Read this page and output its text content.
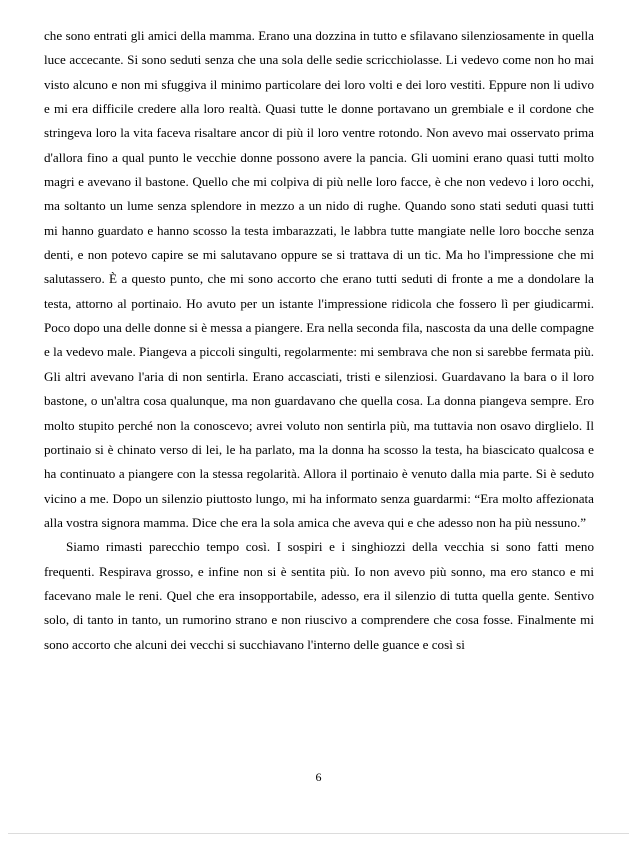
che sono entrati gli amici della mamma. Erano una dozzina in tutto e sfilavano silenziosamente in quella luce accecante. Si sono seduti senza che una sola delle sedie scricchiolasse. Li vedevo come non ho mai visto alcuno e non mi sfuggiva il minimo particolare dei loro volti e dei loro vestiti. Eppure non li udivo e mi era difficile credere alla loro realtà. Quasi tutte le donne portavano un grembiale e il cordone che stringeva loro la vita faceva risaltare ancor di più il loro ventre rotondo. Non avevo mai osservato prima d'allora fino a qual punto le vecchie donne possono avere la pancia. Gli uomini erano quasi tutti molto magri e avevano il bastone. Quello che mi colpiva di più nelle loro facce, è che non vedevo i loro occhi, ma soltanto un lume senza splendore in mezzo a un nido di rughe. Quando sono stati seduti quasi tutti mi hanno guardato e hanno scosso la testa imbarazzati, le labbra tutte mangiate nelle loro bocche senza denti, e non potevo capire se mi salutavano oppure se si trattava di un tic. Ma ho l'impressione che mi salutassero. È a questo punto, che mi sono accorto che erano tutti seduti di fronte a me a dondolare la testa, attorno al portinaio. Ho avuto per un istante l'impressione ridicola che fossero lì per giudicarmi. Poco dopo una delle donne si è messa a piangere. Era nella seconda fila, nascosta da una delle compagne e la vedevo male. Piangeva a piccoli singulti, regolarmente: mi sembrava che non si sarebbe fermata più. Gli altri avevano l'aria di non sentirla. Erano accasciati, tristi e silenziosi. Guardavano la bara o il loro bastone, o un'altra cosa qualunque, ma non guardavano che quella cosa. La donna piangeva sempre. Ero molto stupito perché non la conoscevo; avrei voluto non sentirla più, ma tuttavia non osavo dirglielo. Il portinaio si è chinato verso di lei, le ha parlato, ma la donna ha scosso la testa, ha biascicato qualcosa e ha continuato a piangere con la stessa regolarità. Allora il portinaio è venuto dalla mia parte. Si è seduto vicino a me. Dopo un silenzio piuttosto lungo, mi ha informato senza guardarmi: “Era molto affezionata alla vostra signora mamma. Dice che era la sola amica che aveva qui e che adesso non ha più nessuno.”

Siamo rimasti parecchio tempo così. I sospiri e i singhiozzi della vecchia si sono fatti meno frequenti. Respirava grosso, e infine non si è sentita più. Io non avevo più sonno, ma ero stanco e mi facevano male le reni. Quel che era insopportabile, adesso, era il silenzio di tutta quella gente. Sentivo solo, di tanto in tanto, un rumorino strano e non riuscivo a comprendere che cosa fosse. Finalmente mi sono accorto che alcuni dei vecchi si succhiavano l'interno delle guance e così si

6
